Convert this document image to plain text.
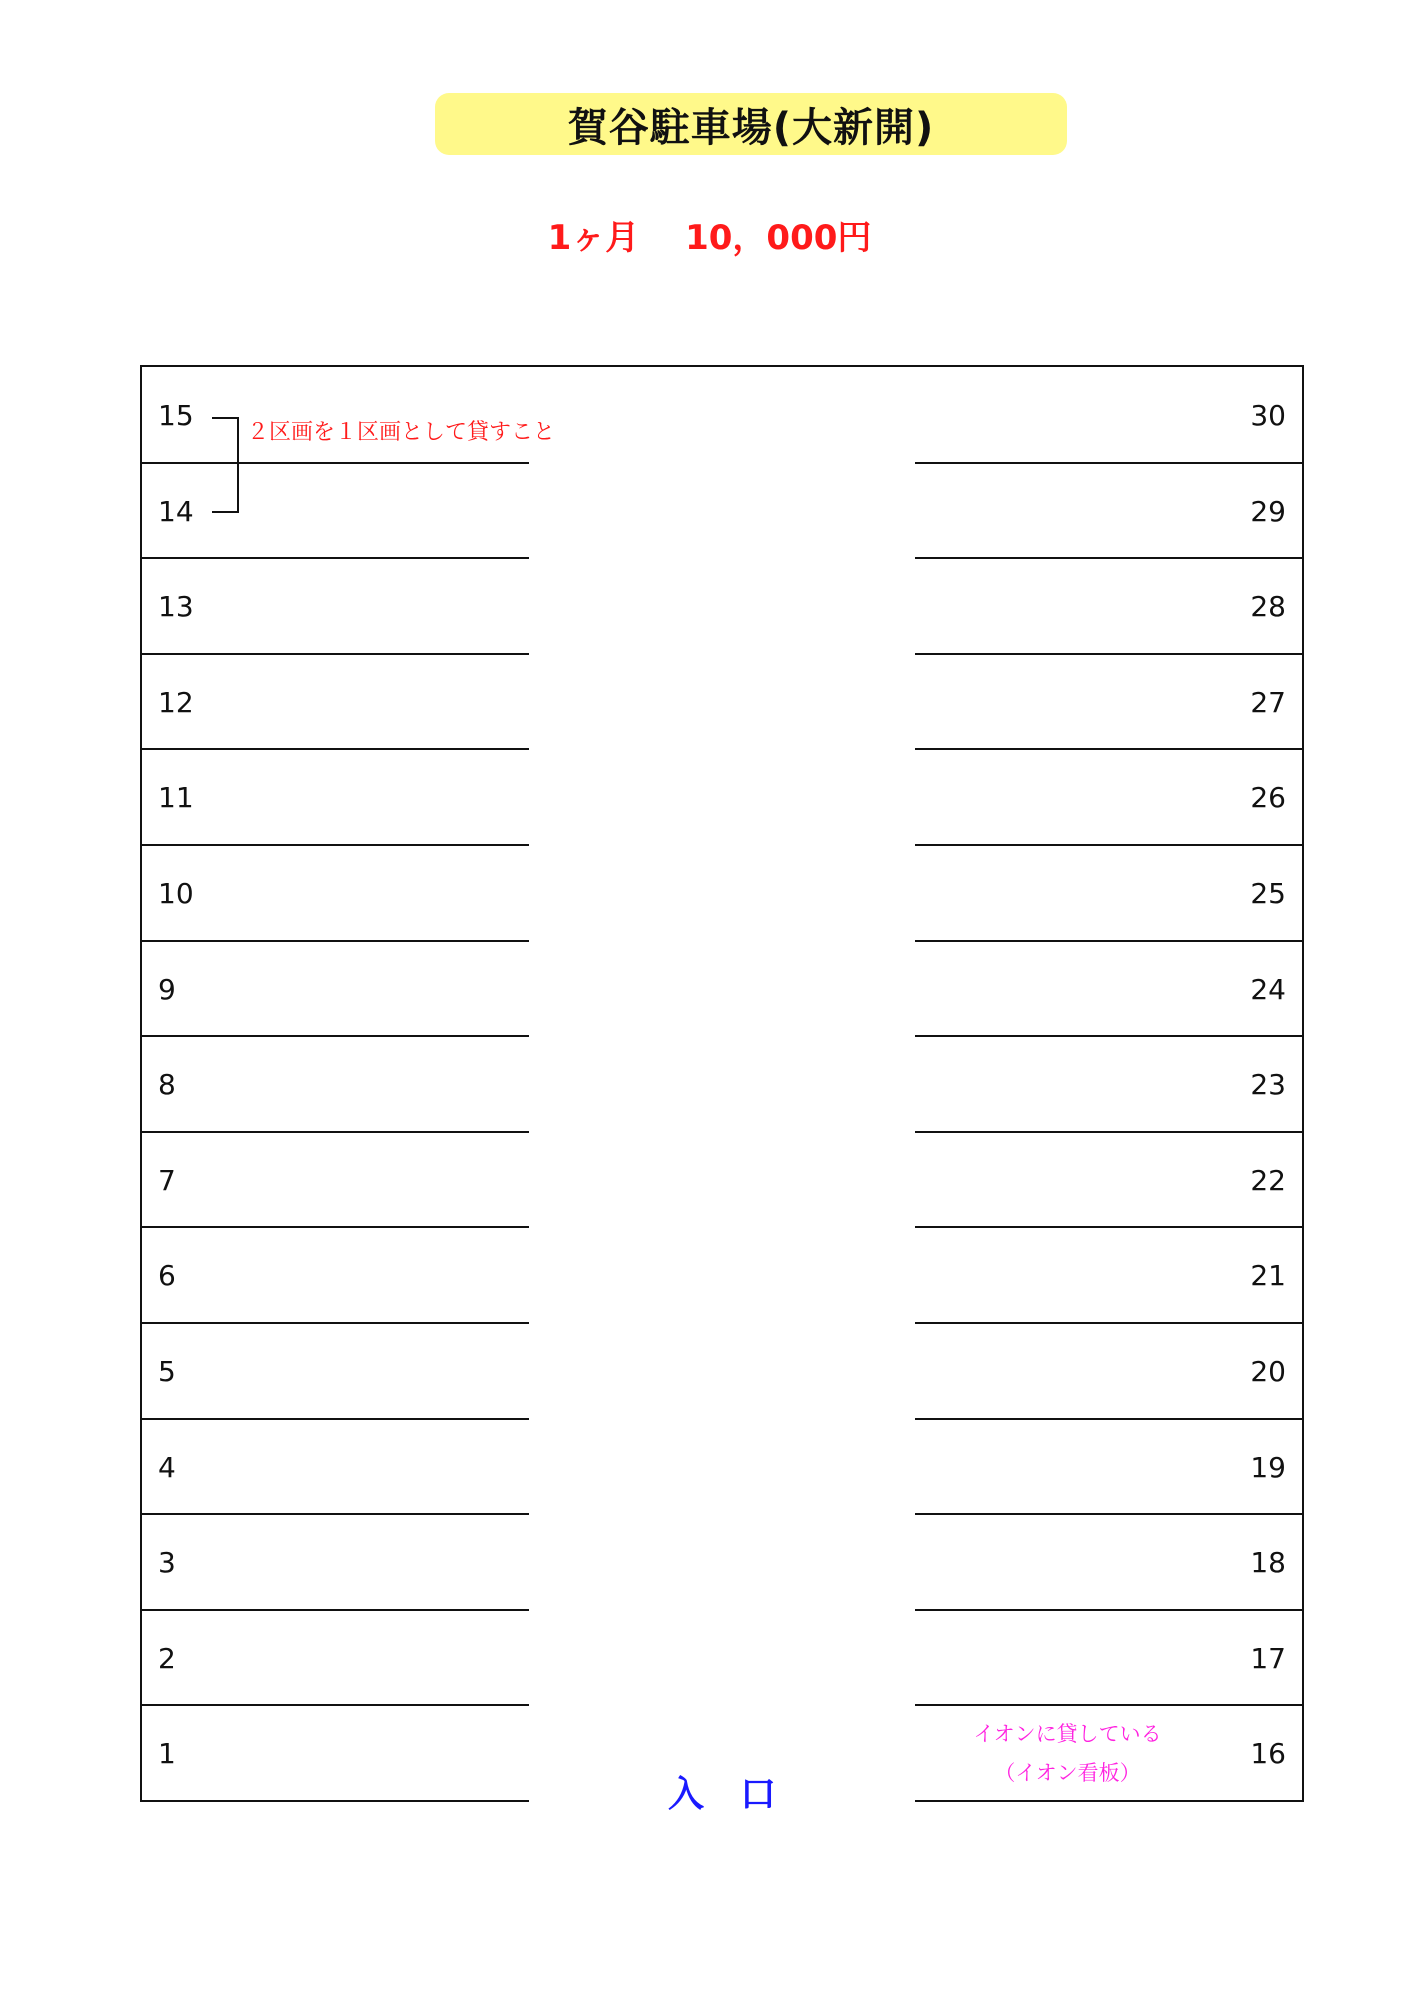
賀谷駐車場(大新開)
1ヶ月　 10，000円
15	30
14	29
13	28
12	27
11	26
10	25
9	24
8	23
7	22
6	21
5	20
4	19
3	18
2	17
1	16
２区画を１区画として貸すこと
イオンに貸している
（イオン看板）
入　口
